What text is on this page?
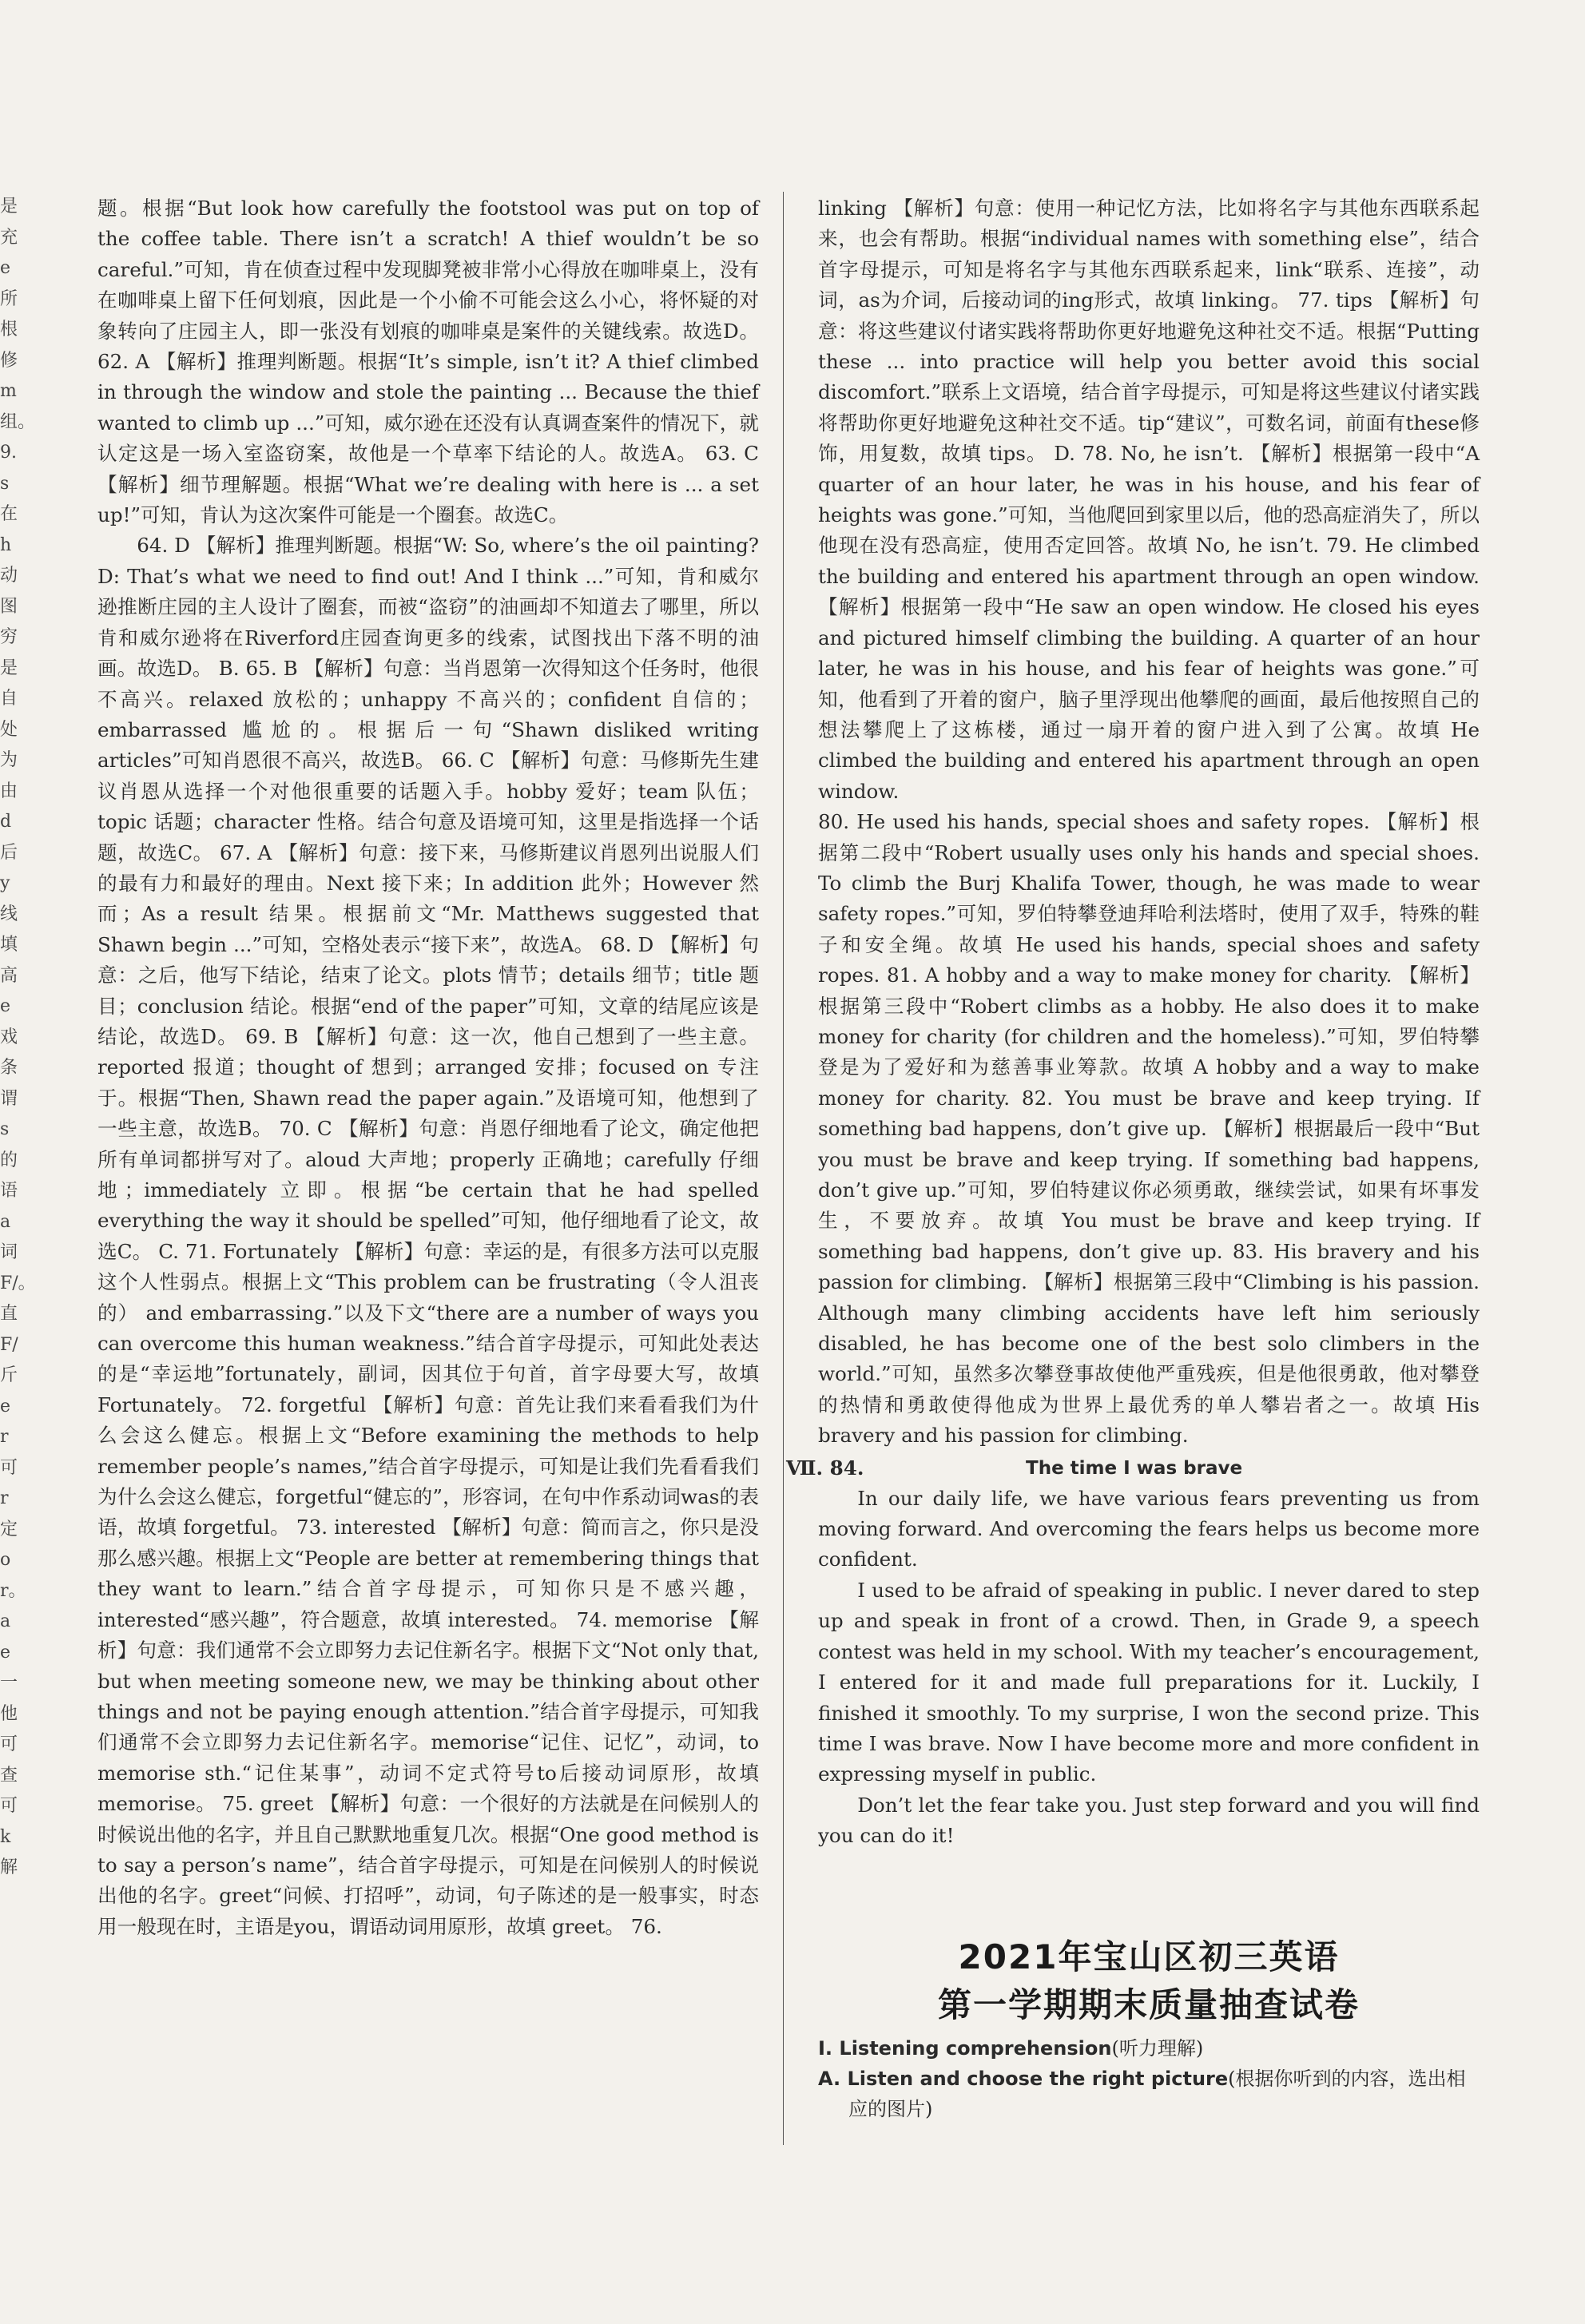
是充e所根修m组。9.s在h动图穷是自处为由d后y线填高e戏条谓s的语a词F/。直F/斤er可r定or。ae一他可查可k解

题。根据“But look how carefully the footstool was put on top of the coffee table. There isn’t a scratch! A thief wouldn’t be so careful.”可知，肯在侦查过程中发现脚凳被非常小心得放在咖啡桌上，没有在咖啡桌上留下任何划痕，因此是一个小偷不可能会这么小心，将怀疑的对象转向了庄园主人，即一张没有划痕的咖啡桌是案件的关键线索。故选D。 62. A 【解析】推理判断题。根据“It’s simple, isn’t it? A thief climbed in through the window and stole the painting ... Because the thief wanted to climb up ...”可知，威尔逊在还没有认真调查案件的情况下，就认定这是一场入室盗窃案，故他是一个草率下结论的人。故选A。 63. C 【解析】细节理解题。根据“What we’re dealing with here is ... a set up!”可知，肯认为这次案件可能是一个圈套。故选C。

64. D 【解析】推理判断题。根据“W: So, where’s the oil painting? D: That’s what we need to find out! And I think ...”可知，肯和威尔逊推断庄园的主人设计了圈套，而被“盗窃”的油画却不知道去了哪里，所以肯和威尔逊将在Riverford庄园查询更多的线索，试图找出下落不明的油画。故选D。 B. 65. B 【解析】句意：当肖恩第一次得知这个任务时，他很不高兴。relaxed 放松的；unhappy 不高兴的；confident 自信的；embarrassed 尴尬的。根据后一句“Shawn disliked writing articles”可知肖恩很不高兴，故选B。 66. C 【解析】句意：马修斯先生建议肖恩从选择一个对他很重要的话题入手。hobby 爱好；team 队伍；topic 话题；character 性格。结合句意及语境可知，这里是指选择一个话题，故选C。 67. A 【解析】句意：接下来，马修斯建议肖恩列出说服人们的最有力和最好的理由。Next 接下来；In addition 此外；However 然而；As a result 结果。根据前文“Mr. Matthews suggested that Shawn begin ...”可知，空格处表示“接下来”，故选A。 68. D 【解析】句意：之后，他写下结论，结束了论文。plots 情节；details 细节；title 题目；conclusion 结论。根据“end of the paper”可知，文章的结尾应该是结论，故选D。 69. B 【解析】句意：这一次，他自己想到了一些主意。reported 报道；thought of 想到；arranged 安排；focused on 专注于。根据“Then, Shawn read the paper again.”及语境可知，他想到了一些主意，故选B。 70. C 【解析】句意：肖恩仔细地看了论文，确定他把所有单词都拼写对了。aloud 大声地；properly 正确地；carefully 仔细地；immediately 立即。根据“be certain that he had spelled everything the way it should be spelled”可知，他仔细地看了论文，故选C。 C. 71. Fortunately 【解析】句意：幸运的是，有很多方法可以克服这个人性弱点。根据上文“This problem can be frustrating（令人沮丧的） and embarrassing.”以及下文“there are a number of ways you can overcome this human weakness.”结合首字母提示，可知此处表达的是“幸运地”fortunately，副词，因其位于句首，首字母要大写，故填 Fortunately。 72. forgetful 【解析】句意：首先让我们来看看我们为什么会这么健忘。根据上文“Before examining the methods to help remember people’s names,”结合首字母提示，可知是让我们先看看我们为什么会这么健忘，forgetful“健忘的”，形容词，在句中作系动词was的表语，故填 forgetful。 73. interested 【解析】句意：简而言之，你只是没那么感兴趣。根据上文“People are better at remembering things that they want to learn.”结合首字母提示，可知你只是不感兴趣，interested“感兴趣”，符合题意，故填 interested。 74. memorise 【解析】句意：我们通常不会立即努力去记住新名字。根据下文“Not only that, but when meeting someone new, we may be thinking about other things and not be paying enough attention.”结合首字母提示，可知我们通常不会立即努力去记住新名字。memorise“记住、记忆”，动词，to memorise sth.“记住某事”，动词不定式符号to后接动词原形，故填 memorise。 75. greet 【解析】句意：一个很好的方法就是在问候别人的时候说出他的名字，并且自己默默地重复几次。根据“One good method is to say a person’s name”，结合首字母提示，可知是在问候别人的时候说出他的名字。greet“问候、打招呼”，动词，句子陈述的是一般事实，时态用一般现在时，主语是you，谓语动词用原形，故填 greet。 76.

linking 【解析】句意：使用一种记忆方法，比如将名字与其他东西联系起来，也会有帮助。根据“individual names with something else”，结合首字母提示，可知是将名字与其他东西联系起来，link“联系、连接”，动词，as为介词，后接动词的ing形式，故填 linking。 77. tips 【解析】句意：将这些建议付诸实践将帮助你更好地避免这种社交不适。根据“Putting these ... into practice will help you better avoid this social discomfort.”联系上文语境，结合首字母提示，可知是将这些建议付诸实践将帮助你更好地避免这种社交不适。tip“建议”，可数名词，前面有these修饰，用复数，故填 tips。 D. 78. No, he isn’t. 【解析】根据第一段中“A quarter of an hour later, he was in his house, and his fear of heights was gone.”可知，当他爬回到家里以后，他的恐高症消失了，所以他现在没有恐高症，使用否定回答。故填 No, he isn’t. 79. He climbed the building and entered his apartment through an open window. 【解析】根据第一段中“He saw an open window. He closed his eyes and pictured himself climbing the building. A quarter of an hour later, he was in his house, and his fear of heights was gone.”可知，他看到了开着的窗户，脑子里浮现出他攀爬的画面，最后他按照自己的想法攀爬上了这栋楼，通过一扇开着的窗户进入到了公寓。故填 He climbed the building and entered his apartment through an open window.

80. He used his hands, special shoes and safety ropes. 【解析】根据第二段中“Robert usually uses only his hands and special shoes. To climb the Burj Khalifa Tower, though, he was made to wear safety ropes.”可知，罗伯特攀登迪拜哈利法塔时，使用了双手，特殊的鞋子和安全绳。故填 He used his hands, special shoes and safety ropes. 81. A hobby and a way to make money for charity. 【解析】根据第三段中“Robert climbs as a hobby. He also does it to make money for charity (for children and the homeless).”可知，罗伯特攀登是为了爱好和为慈善事业筹款。故填 A hobby and a way to make money for charity. 82. You must be brave and keep trying. If something bad happens, don’t give up. 【解析】根据最后一段中“But you must be brave and keep trying. If something bad happens, don’t give up.”可知，罗伯特建议你必须勇敢，继续尝试，如果有坏事发生，不要放弃。故填 You must be brave and keep trying. If something bad happens, don’t give up. 83. His bravery and his passion for climbing. 【解析】根据第三段中“Climbing is his passion. Although many climbing accidents have left him seriously disabled, he has become one of the best solo climbers in the world.”可知，虽然多次攀登事故使他严重残疾，但是他很勇敢，他对攀登的热情和勇敢使得他成为世界上最优秀的单人攀岩者之一。故填 His bravery and his passion for climbing.

Ⅶ. 84.	The time I was brave

In our daily life, we have various fears preventing us from moving forward. And overcoming the fears helps us become more confident.

I used to be afraid of speaking in public. I never dared to step up and speak in front of a crowd. Then, in Grade 9, a speech contest was held in my school. With my teacher’s encouragement, I entered for it and made full preparations for it. Luckily, I finished it smoothly. To my surprise, I won the second prize. This time I was brave. Now I have become more and more confident in expressing myself in public.

Don’t let the fear take you. Just step forward and you will find you can do it!

2021年宝山区初三英语
第一学期期末质量抽查试卷
Ⅰ. Listening comprehension(听力理解)
A. Listen and choose the right picture(根据你听到的内容，选出相
应的图片)
